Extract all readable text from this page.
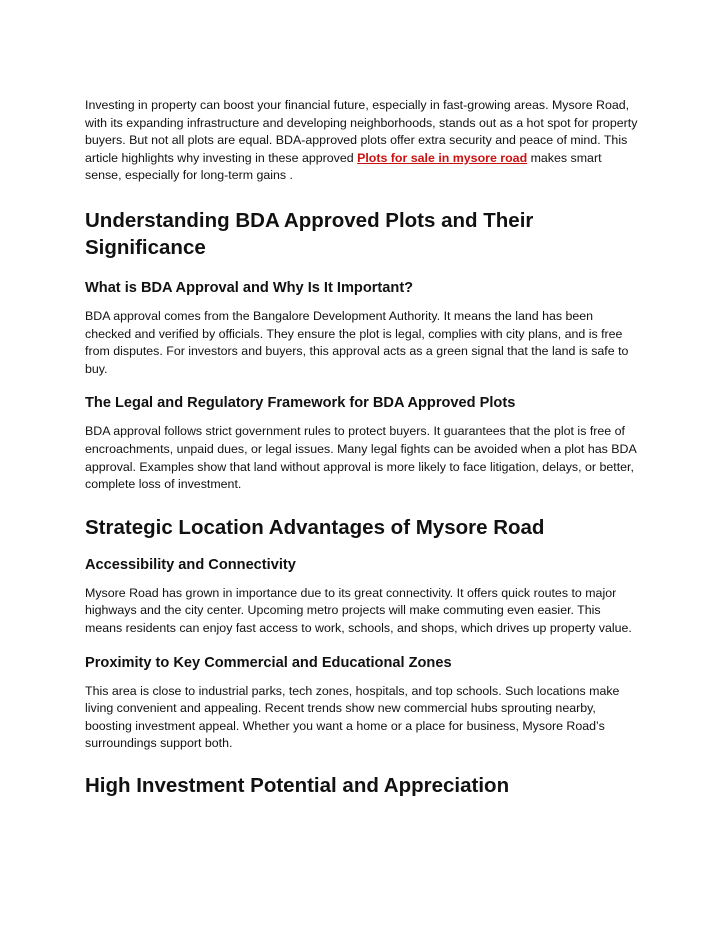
Investing in property can boost your financial future, especially in fast-growing areas. Mysore Road, with its expanding infrastructure and developing neighborhoods, stands out as a hot spot for property buyers. But not all plots are equal. BDA-approved plots offer extra security and peace of mind. This article highlights why investing in these approved Plots for sale in mysore road makes smart sense, especially for long-term gains .

Understanding BDA Approved Plots and Their Significance
What is BDA Approval and Why Is It Important?

BDA approval comes from the Bangalore Development Authority. It means the land has been checked and verified by officials. They ensure the plot is legal, complies with city plans, and is free from disputes. For investors and buyers, this approval acts as a green signal that the land is safe to buy.

The Legal and Regulatory Framework for BDA Approved Plots

BDA approval follows strict government rules to protect buyers. It guarantees that the plot is free of encroachments, unpaid dues, or legal issues. Many legal fights can be avoided when a plot has BDA approval. Examples show that land without approval is more likely to face litigation, delays, or better, complete loss of investment.

Strategic Location Advantages of Mysore Road
Accessibility and Connectivity

Mysore Road has grown in importance due to its great connectivity. It offers quick routes to major highways and the city center. Upcoming metro projects will make commuting even easier. This means residents can enjoy fast access to work, schools, and shops, which drives up property value.

Proximity to Key Commercial and Educational Zones

This area is close to industrial parks, tech zones, hospitals, and top schools. Such locations make living convenient and appealing. Recent trends show new commercial hubs sprouting nearby, boosting investment appeal. Whether you want a home or a place for business, Mysore Road’s surroundings support both.

High Investment Potential and Appreciation
